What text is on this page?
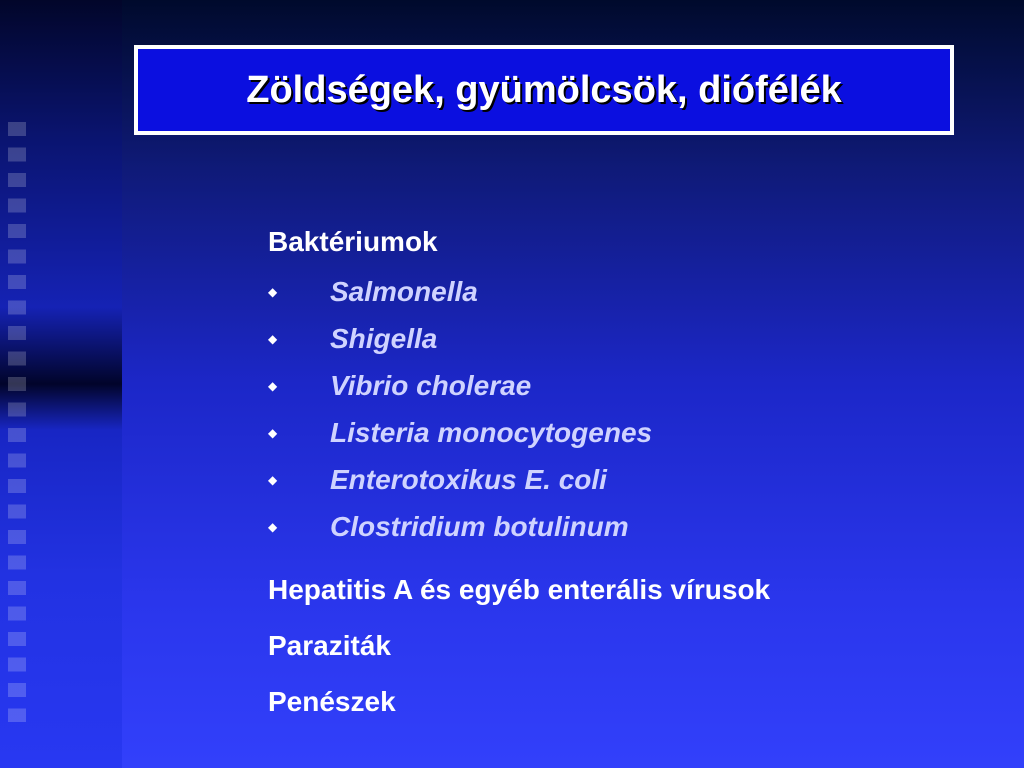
Zöldségek, gyümölcsök, diófélék

Baktériumok

◆	Salmonella
◆	Shigella
◆	Vibrio cholerae
◆	Listeria monocytogenes
◆	Enterotoxikus E. coli
◆	Clostridium botulinum
Hepatitis A és egyéb enterális vírusok
Paraziták
Penészek
